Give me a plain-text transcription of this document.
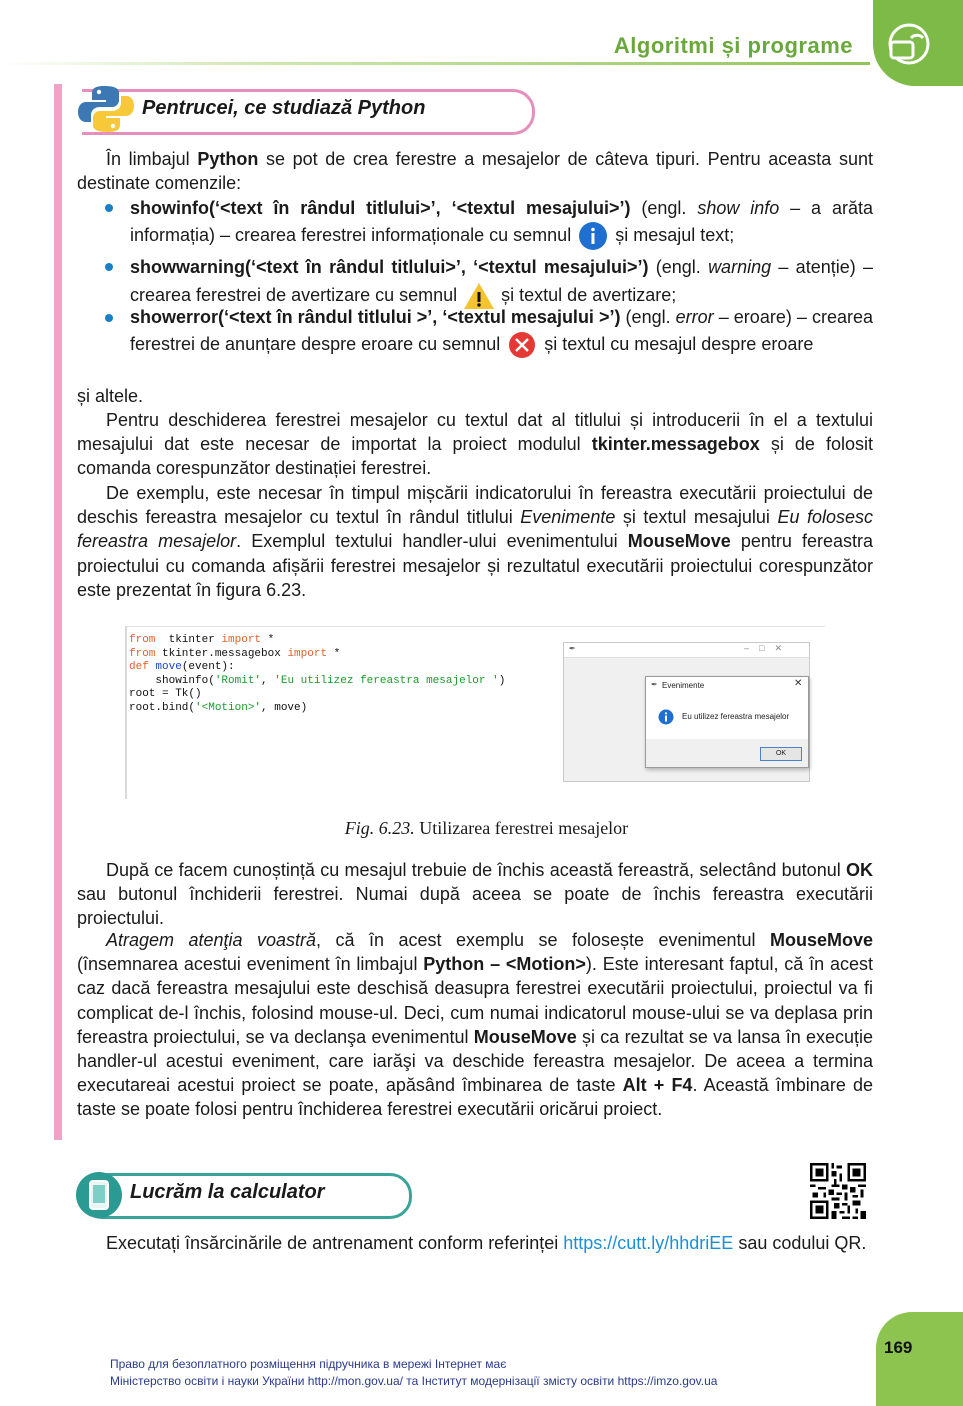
Algoritmi și programe
Pentrucei, ce studiază Python
În limbajul Python se pot de crea ferestre a mesajelor de câteva tipuri. Pentru aceasta sunt destinate comenzile:
showinfo(‘<text în rândul titlului>’, ‘<textul mesajului>’) (engl. show info – a arăta informația) – crearea ferestrei informaționale cu semnul  și mesajul text;
showwarning(‘<text în rândul titlului>’, ‘<textul mesajului>’) (engl. warning – atenție) – crearea ferestrei de avertizare cu semnul  și textul de avertizare;
showerror(‘<text în rândul titlului >’, ‘<textul mesajului >’) (engl. error – eroare) – crearea ferestrei de anunțare despre eroare cu semnul  și textul cu mesajul despre eroare
și altele.
Pentru deschiderea ferestrei mesajelor cu textul dat al titlului și introducerii în el a textului mesajului dat este necesar de importat la proiect modulul tkinter.messagebox și de folosit comanda corespunzător destinației ferestrei.
De exemplu, este necesar în timpul mișcării indicatorului în fereastra executării proiectului de deschis fereastra mesajelor cu textul în rândul titlului Evenimente și textul mesajului Eu folosesc fereastra mesajelor. Exemplul textului handler-ului evenimentului MouseMove pentru fereastra proiectului cu comanda afișării ferestrei mesajelor și rezultatul executării proiectului corespunzător este prezentat în figura 6.23.
from  tkinter import *
from tkinter.messagebox import *
def move(event):
showinfo('Romit', 'Eu utilizez fereastra mesajelor ')
root = Tk()
root.bind('<Motion>', move)
✒	–    □    ✕
✒ Evenimente	✕
Eu utilizez fereastra mesajelor
OK
Fig. 6.23. Utilizarea ferestrei mesajelor
După ce facem cunoștință cu mesajul trebuie de închis această fereastră, selectând butonul OK sau butonul închiderii ferestrei. Numai după aceea se poate de închis fereastra executării proiectului.
Atragem atenţia voastră, că în acest exemplu se folosește evenimentul MouseMove (însemnarea acestui eveniment în limbajul Python – <Motion>). Este interesant faptul, că în acest caz dacă fereastra mesajului este deschisă deasupra ferestrei executării proiectului, proiectul va fi complicat de-l închis, folosind mouse-ul. Deci, cum numai indicatorul mouse-ului se va deplasa prin fereastra proiectului, se va declanşa evenimentul MouseMove și ca rezultat se va lansa în execuție handler-ul acestui eveniment, care iarăşi va deschide fereastra mesajelor. De aceea a termina executareai acestui proiect se poate, apăsând îmbinarea de taste Alt + F4. Această îmbinare de taste se poate folosi pentru închiderea ferestrei executării oricărui proiect.
Lucrăm la calculator
Executați însărcinările de antrenament conform referinței https://cutt.ly/hhdriEE sau codului QR.
169
Право для безоплатного розміщення підручника в мережі Інтернет має
Міністерство освіти і науки України http://mon.gov.ua/ та Інститут модернізації змісту освіти https://imzo.gov.ua
